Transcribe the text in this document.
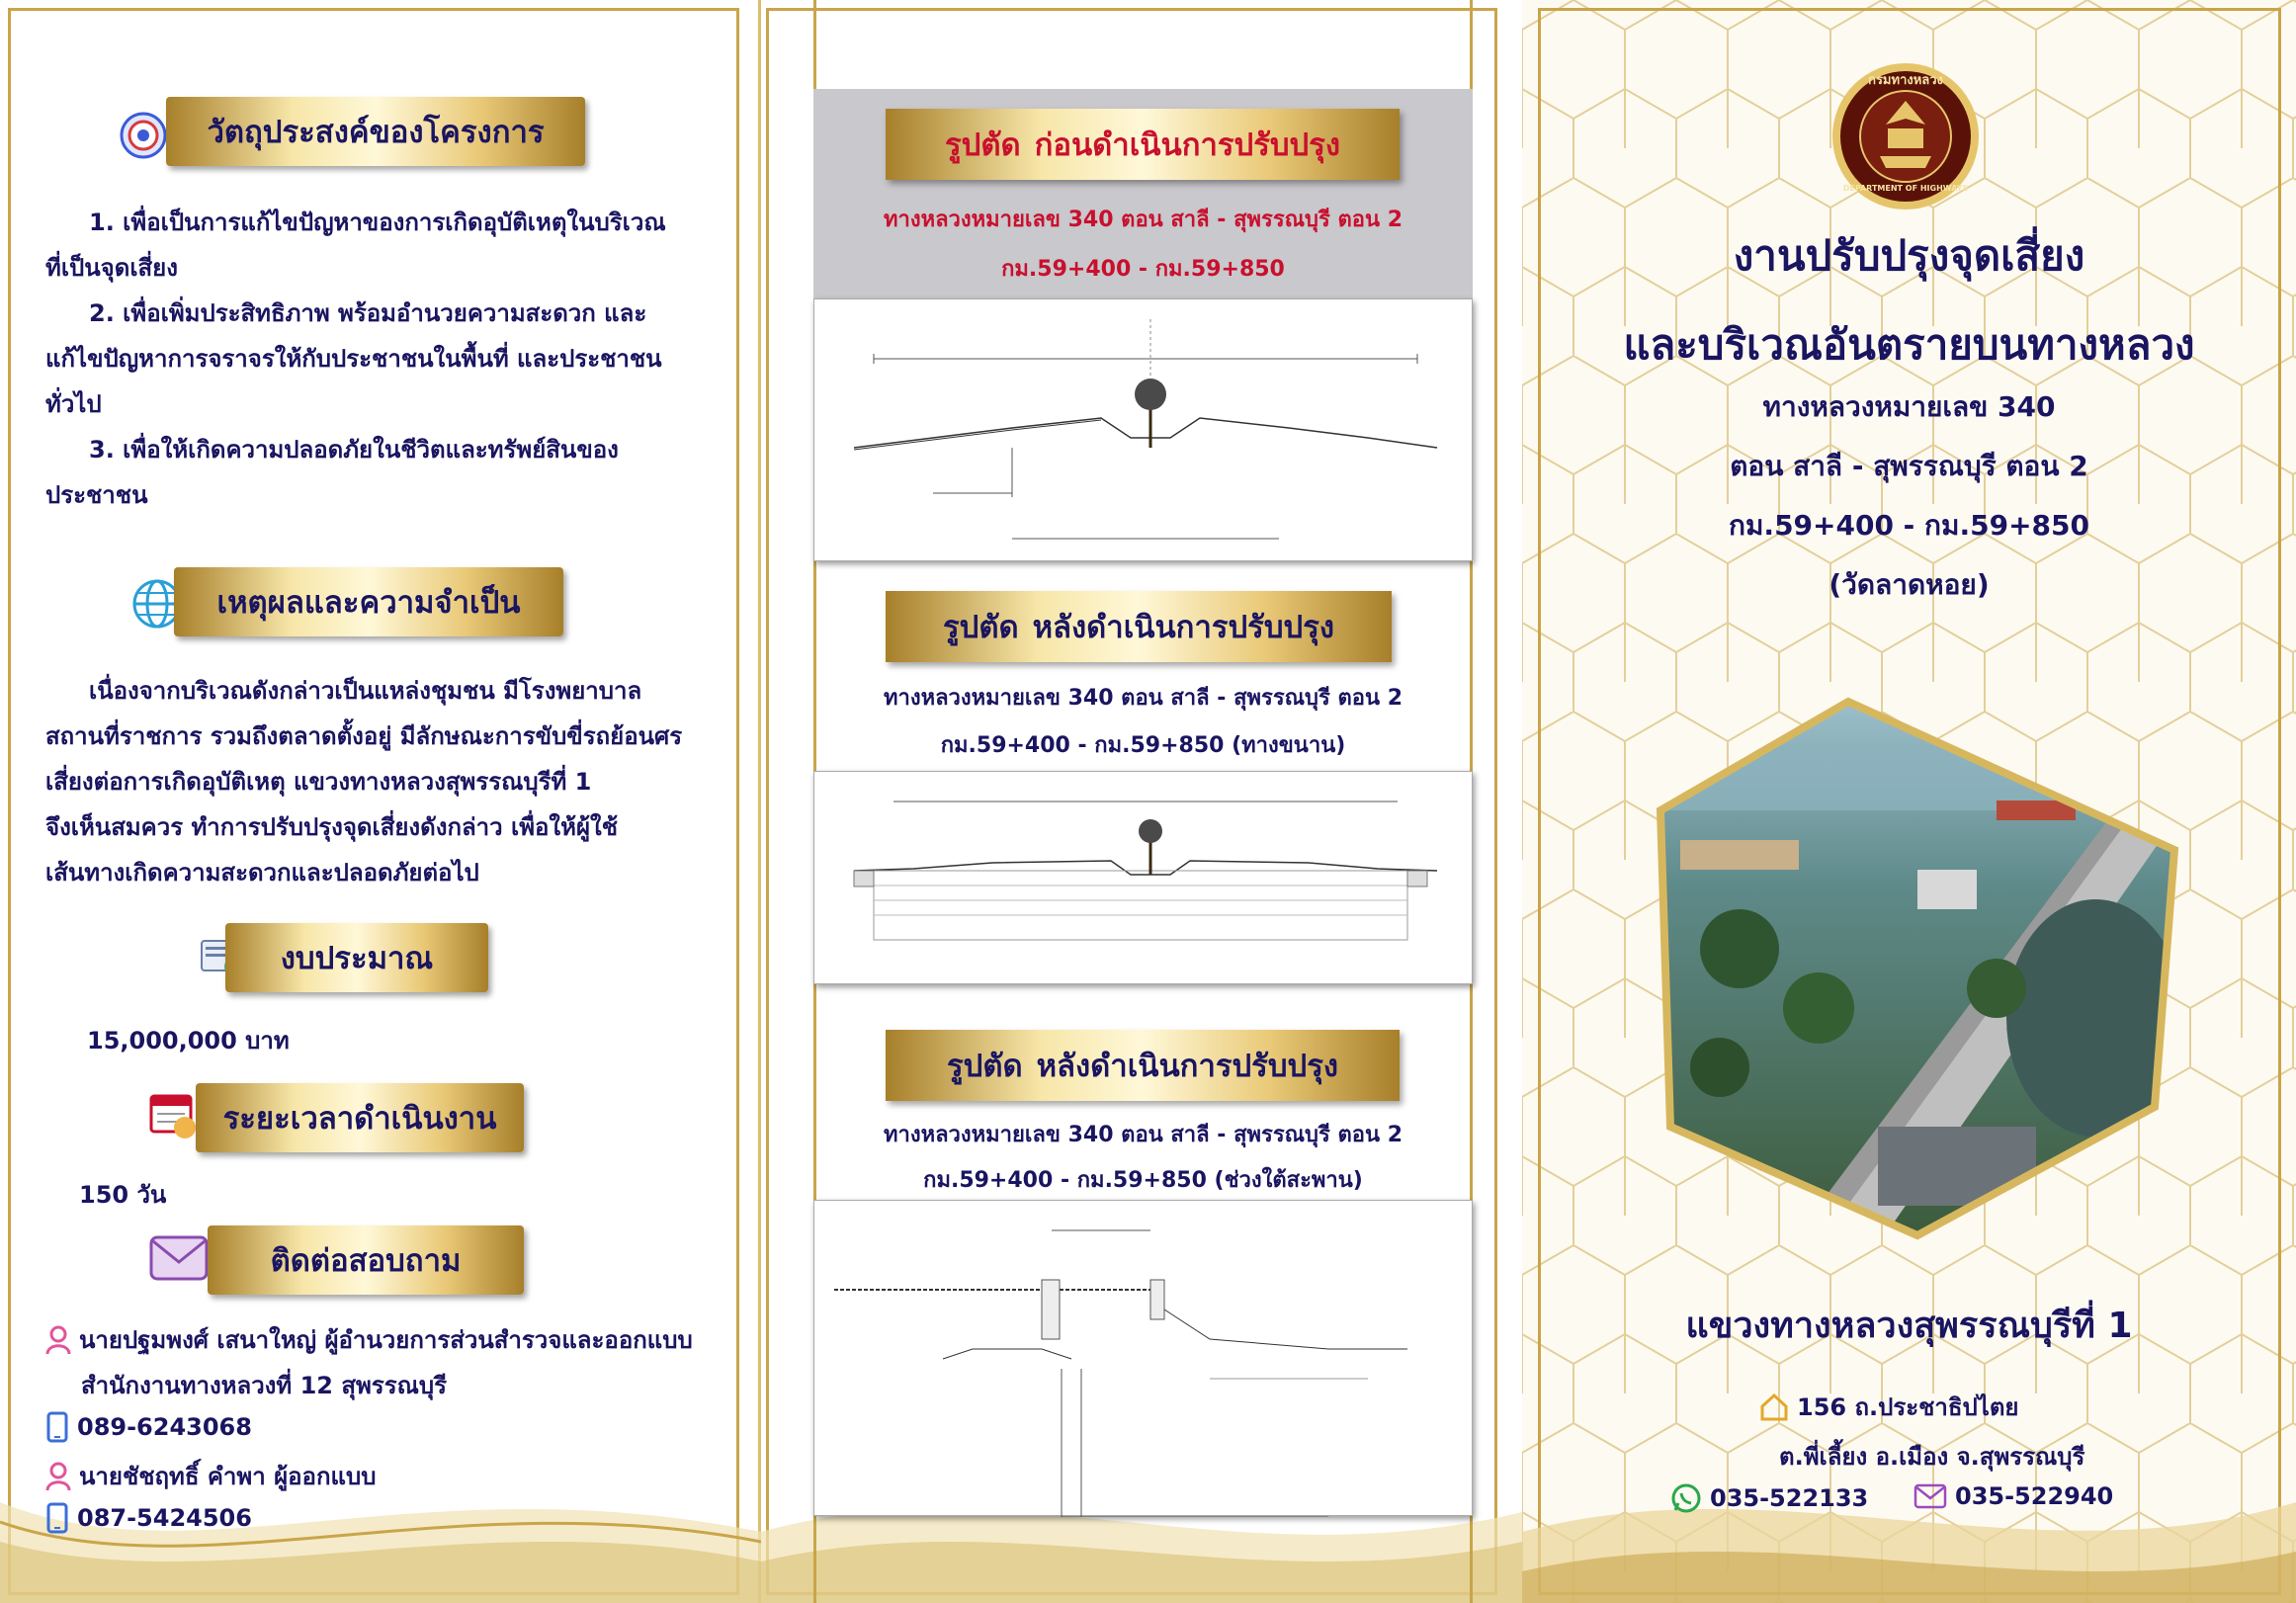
วัตถุประสงค์ของโครงการ
1. เพื่อเป็นการแก้ไขปัญหาของการเกิดอุบัติเหตุในบริเวณ
ที่เป็นจุดเสี่ยง
2. เพื่อเพิ่มประสิทธิภาพ พร้อมอำนวยความสะดวก และ
แก้ไขปัญหาการจราจรให้กับประชาชนในพื้นที่ และประชาชน
ทั่วไป
3. เพื่อให้เกิดความปลอดภัยในชีวิตและทรัพย์สินของ
ประชาชน
เหตุผลและความจำเป็น
เนื่องจากบริเวณดังกล่าวเป็นแหล่งชุมชน มีโรงพยาบาล
สถานที่ราชการ รวมถึงตลาดตั้งอยู่ มีลักษณะการขับขี่รถย้อนศร
เสี่ยงต่อการเกิดอุบัติเหตุ แขวงทางหลวงสุพรรณบุรีที่ 1
จึงเห็นสมควร ทำการปรับปรุงจุดเสี่ยงดังกล่าว เพื่อให้ผู้ใช้
เส้นทางเกิดความสะดวกและปลอดภัยต่อไป
งบประมาณ
15,000,000 บาท
ระยะเวลาดำเนินงาน
150 วัน
ติดต่อสอบถาม
นายปฐมพงศ์ เสนาใหญ่ ผู้อำนวยการส่วนสำรวจและออกแบบ
สำนักงานทางหลวงที่ 12 สุพรรณบุรี
089-6243068
นายชัชฤทธิ์ คำพา ผู้ออกแบบ
087-5424506
รูปตัด ก่อนดำเนินการปรับปรุง
ทางหลวงหมายเลข 340 ตอน สาลี - สุพรรณบุรี ตอน 2
กม.59+400 - กม.59+850
รูปตัด หลังดำเนินการปรับปรุง
ทางหลวงหมายเลข 340 ตอน สาลี - สุพรรณบุรี ตอน 2
กม.59+400 - กม.59+850 (ทางขนาน)
รูปตัด หลังดำเนินการปรับปรุง
ทางหลวงหมายเลข 340 ตอน สาลี - สุพรรณบุรี ตอน 2
กม.59+400 - กม.59+850 (ช่วงใต้สะพาน)
กรมทางหลวง
DEPARTMENT OF HIGHWAYS
งานปรับปรุงจุดเสี่ยง
และบริเวณอันตรายบนทางหลวง
ทางหลวงหมายเลข 340
ตอน สาลี - สุพรรณบุรี ตอน 2
กม.59+400 - กม.59+850
(วัดลาดหอย)
แขวงทางหลวงสุพรรณบุรีที่ 1
156 ถ.ประชาธิปไตย
ต.พี่เลี้ยง อ.เมือง จ.สุพรรณบุรี
035-522133	035-522940
